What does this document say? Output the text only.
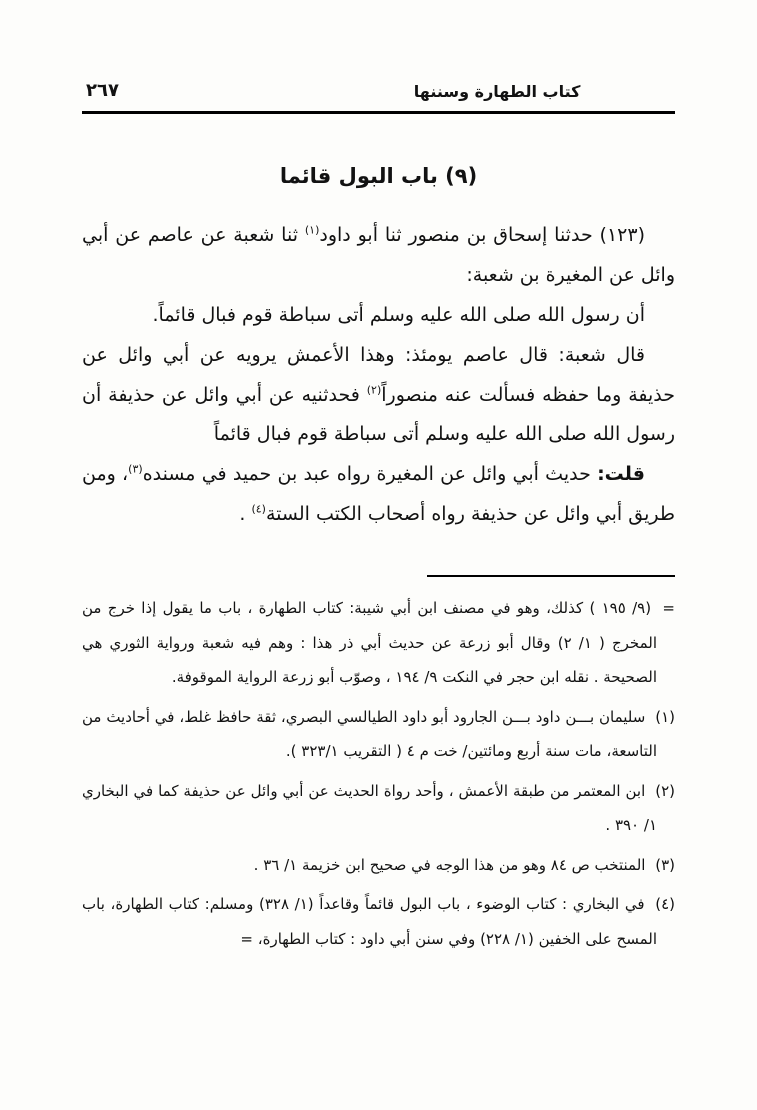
٢٦٧	كتاب الطهارة وسننها
(٩) باب البول قائما

(١٢٣) حدثنا إسحاق بن منصور ثنا أبو داود$^{(١)}$ ثنا شعبة عن عاصم عن أبي وائل عن المغيرة بن شعبة:

أن رسول الله صلى الله عليه وسلم أتى سباطة قوم فبال قائماً.

قال شعبة: قال عاصم يومئذ: وهذا الأعمش يرويه عن أبي وائل عن حذيفة وما حفظه فسألت عنه منصوراً$^{(٢)}$ فحدثنيه عن أبي وائل عن حذيفة أن رسول الله صلى الله عليه وسلم أتى سباطة قوم فبال قائماً

قلت: حديث أبي وائل عن المغيرة رواه عبد بن حميد في مسنده$^{(٣)}$، ومن طريق أبي وائل عن حذيفة رواه أصحاب الكتب الستة$^{(٤)}$ .

= (٩/ ١٩٥ ) كذلك، وهو في مصنف ابن أبي شيبة: كتاب الطهارة ، باب ما يقول إذا خرج من المخرج ( ١/ ٢) وقال أبو زرعة عن حديث أبي ذر هذا : وهم فيه شعبة ورواية الثوري هي الصحيحة . نقله ابن حجر في النكت ٩/ ١٩٤ ، وصوّب أبو زرعة الرواية الموقوفة.
(١) سليمان بـــن داود بـــن الجارود أبو داود الطيالسي البصري، ثقة حافظ غلط، في أحاديث من التاسعة، مات سنة أربع ومائتين/ خت م ٤ ( التقريب ٣٢٣/١ ).
(٢) ابن المعتمر من طبقة الأعمش ، وأحد رواة الحديث عن أبي وائل عن حذيفة كما في البخاري ١/ ٣٩٠ .
(٣) المنتخب ص ٨٤ وهو من هذا الوجه في صحيح ابن خزيمة ١/ ٣٦ .
(٤) في البخاري : كتاب الوضوء ، باب البول قائماً وقاعداً (١/ ٣٢٨) ومسلم: كتاب الطهارة، باب المسح على الخفين (١/ ٢٢٨) وفي سنن أبي داود : كتاب الطهارة، =
